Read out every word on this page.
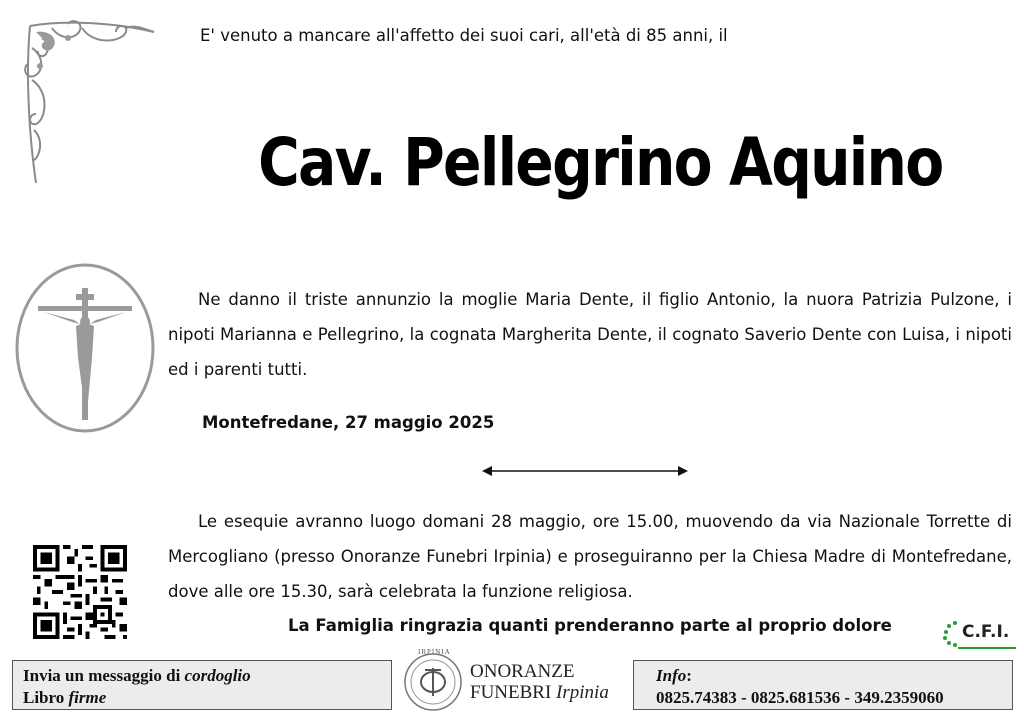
E' venuto a mancare all'affetto dei suoi cari, all'età di 85 anni, il
Cav. Pellegrino Aquino
Ne danno il triste annunzio la moglie Maria Dente, il figlio Antonio, la nuora Patrizia Pulzone, i nipoti Marianna e Pellegrino, la cognata Margherita Dente, il cognato Saverio Dente con Luisa, i nipoti ed i parenti tutti.
Montefredane, 27 maggio 2025
Le esequie avranno luogo domani 28 maggio, ore 15.00, muovendo da via Nazionale Torrette di Mercogliano (presso Onoranze Funebri Irpinia) e proseguiranno per la Chiesa Madre di Montefredane, dove alle ore 15.30, sarà celebrata la funzione religiosa.
La Famiglia ringrazia quanti prenderanno parte al proprio dolore	C.F.I.
Invia un messaggio di cordoglio
Libro firme
IRPINIA
ONORANZE
FUNEBRI Irpinia
Info:
0825.74383 - 0825.681536 - 349.2359060
